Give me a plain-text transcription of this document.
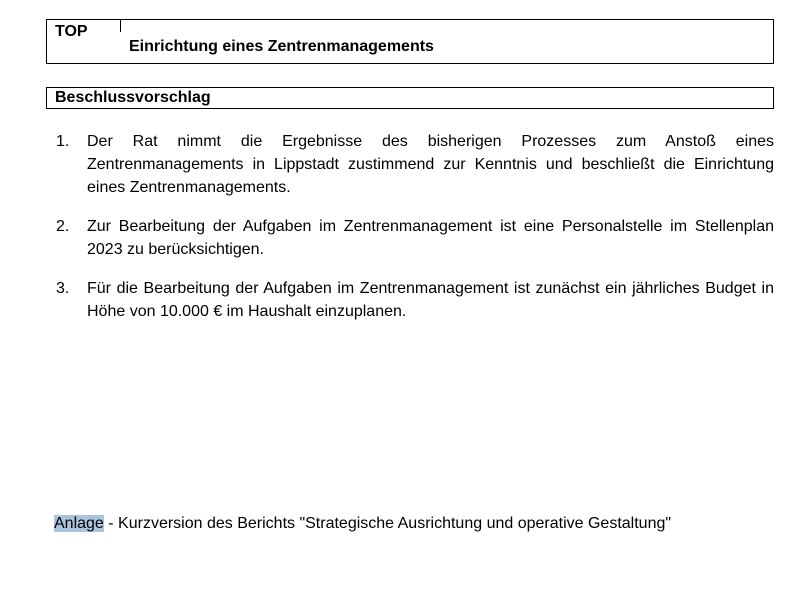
TOP
Einrichtung eines Zentrenmanagements
Beschlussvorschlag
1. Der Rat nimmt die Ergebnisse des bisherigen Prozesses zum Anstoß eines Zentrenmanagements in Lippstadt zustimmend zur Kenntnis und beschließt die Einrichtung eines Zentrenmanagements.
2. Zur Bearbeitung der Aufgaben im Zentrenmanagement ist eine Personalstelle im Stellenplan 2023 zu berücksichtigen.
3. Für die Bearbeitung der Aufgaben im Zentrenmanagement ist zunächst ein jährliches Budget in Höhe von 10.000 € im Haushalt einzuplanen.
Anlage - Kurzversion des Berichts "Strategische Ausrichtung und operative Gestaltung"
